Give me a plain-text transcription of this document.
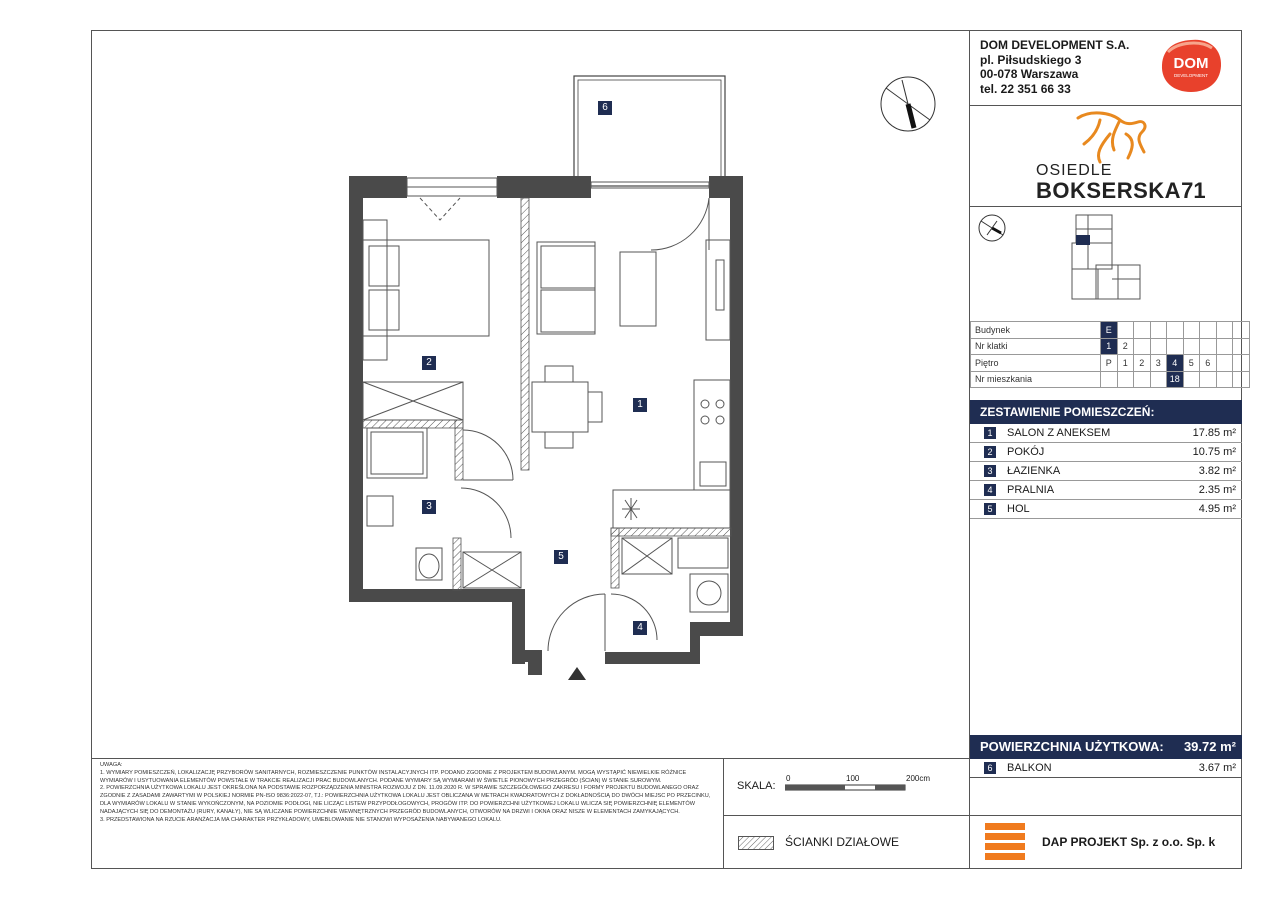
DOM DEVELOPMENT S.A.
pl. Piłsudskiego 3
00-078 Warszawa
tel. 22 351 66 33
DOM
DEVELOPMENT
OSIEDLE
BOKSERSKA71
Budynek	E								
Nr klatki	1	2							
Piętro	P	1	2	3	4	5	6		
Nr mieszkania					18				
ZESTAWIENIE POMIESZCZEŃ:
1	SALON Z ANEKSEM	17.85 m²
2	POKÓJ	10.75 m²
3	ŁAZIENKA	3.82 m²
4	PRALNIA	2.35 m²
5	HOL	4.95 m²
POWIERZCHNIA UŻYTKOWA: 39.72 m²
6	BALKON	3.67 m²
DAP PROJEKT Sp. z o.o. Sp. k
UWAGA:
1. WYMIARY POMIESZCZEŃ, LOKALIZACJĘ PRZYBORÓW SANITARNYCH, ROZMIESZCZENIE PUNKTÓW INSTALACYJNYCH ITP. PODANO ZGODNIE Z PROJEKTEM BUDOWLANYM. MOGĄ WYSTĄPIĆ NIEWIELKIE RÓŻNICE WYMIARÓW I USYTUOWANIA ELEMENTÓW POWSTAŁE W TRAKCIE REALIZACJI PRAC BUDOWLANYCH. PODANE WYMIARY SĄ WYMIARAMI W ŚWIETLE PIONOWYCH PRZEGRÓD (ŚCIAN) W STANIE SUROWYM.
2. POWIERZCHNIA UŻYTKOWA LOKALU JEST OKREŚLONA NA PODSTAWIE ROZPORZĄDZENIA MINISTRA ROZWOJU Z DN. 11.09.2020 R. W SPRAWIE SZCZEGÓŁOWEGO ZAKRESU I FORMY PROJEKTU BUDOWLANEGO ORAZ ZGODNIE Z ZASADAMI ZAWARTYMI W POLSKIEJ NORMIE PN-ISO 9836:2022-07, TJ.: POWIERZCHNIA UŻYTKOWA LOKALU JEST OBLICZANA W METRACH KWADRATOWYCH Z DOKŁADNOŚCIĄ DO DWÓCH MIEJSC PO PRZECINKU, DLA WYMIARÓW LOKALU W STANIE WYKOŃCZONYM, NA POZIOMIE PODŁOGI, NIE LICZĄC LISTEW PRZYPODŁOGOWYCH, PROGÓW ITP. DO POWIERZCHNI UŻYTKOWEJ LOKALU WLICZA SIĘ POWIERZCHNIĘ ELEMENTÓW NADAJĄCYCH SIĘ DO DEMONTAŻU (RURY, KANAŁY), NIE SĄ WLICZANE POWIERZCHNIE WEWNĘTRZNYCH PRZEGRÓD BUDOWLANYCH, OTWORÓW NA DRZWI I OKNA ORAZ NISZE W ELEMENTACH ZAMYKAJĄCYCH.
3. PRZEDSTAWIONA NA RZUCIE ARANŻACJA MA CHARAKTER PRZYKŁADOWY, UMEBLOWANIE NIE STANOWI WYPOSAŻENIA NABYWANEGO LOKALU.
SKALA:
0	100	200cm
ŚCIANKI DZIAŁOWE
1
2
3
4
5
6
